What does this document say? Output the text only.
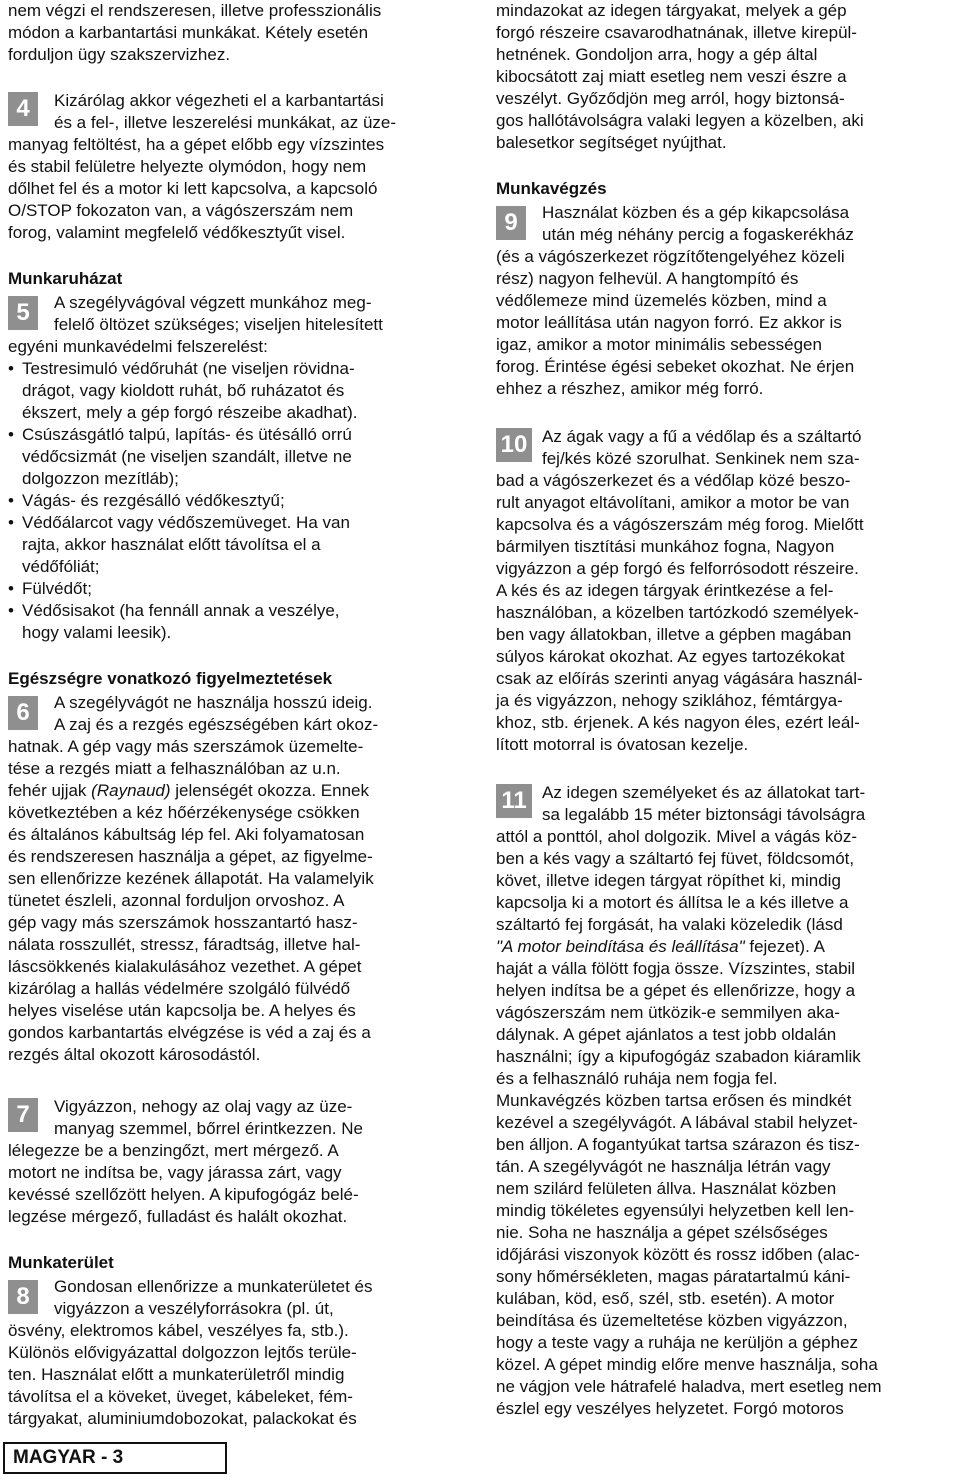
nem végzi el rendszeresen, illetve professzionális
módon a karbantartási munkákat. Kétely esetén
forduljon ügy szakszervizhez.
4	Kizárólag akkor végezheti el a karbantartási
és a fel-, illetve leszerelési munkákat, az üze-
manyag feltöltést, ha a gépet előbb egy vízszintes
és stabil felületre helyezte olymódon, hogy nem
dőlhet fel és a motor ki lett kapcsolva, a kapcsoló
O/STOP fokozaton van, a vágószerszám nem
forog, valamint megfelelő védőkesztyűt visel.
Munkaruházat
5	A szegélyvágóval végzett munkához meg-
felelő öltözet szükséges; viseljen hitelesített
egyéni munkavédelmi felszerelést:
• Testresimuló védőruhát (ne viseljen rövidna-
drágot, vagy kioldott ruhát, bő ruházatot és
ékszert, mely a gép forgó részeibe akadhat).
• Csúszásgátló talpú, lapítás- és ütésálló orrú
védőcsizmát (ne viseljen szandált, illetve ne
dolgozzon mezítláb);
• Vágás- és rezgésálló védőkesztyű;
• Védőálarcot vagy védőszemüveget. Ha van
rajta, akkor használat előtt távolítsa el a
védőfóliát;
• Fülvédőt;
• Védősisakot (ha fennáll annak a veszélye,
hogy valami leesik).
Egészségre vonatkozó figyelmeztetések
6	A szegélyvágót ne használja hosszú ideig.
A zaj és a rezgés egészségében kárt okoz-
hatnak. A gép vagy más szerszámok üzemelte-
tése a rezgés miatt a felhasználóban az u.n.
fehér ujjak (Raynaud) jelenségét okozza. Ennek
következtében a kéz hőérzékenysége csökken
és általános kábultság lép fel. Aki folyamatosan
és rendszeresen használja a gépet, az figyelme-
sen ellenőrizze kezének állapotát. Ha valamelyik
tünetet észleli, azonnal forduljon orvoshoz. A
gép vagy más szerszámok hosszantartó hasz-
nálata rosszullét, stressz, fáradtság, illetve hal-
láscsökkenés kialakulásához vezethet. A gépet
kizárólag a hallás védelmére szolgáló fülvédő
helyes viselése után kapcsolja be. A helyes és
gondos karbantartás elvégzése is véd a zaj és a
rezgés által okozott károsodástól.
7	Vigyázzon, nehogy az olaj vagy az üze-
manyag szemmel, bőrrel érintkezzen. Ne
lélegezze be a benzingőzt, mert mérgező. A
motort ne indítsa be, vagy járassa zárt, vagy
kevéssé szellőzött helyen. A kipufogógáz belé-
legzése mérgező, fulladást és halált okozhat.
Munkaterület
8	Gondosan ellenőrizze a munkaterületet és
vigyázzon a veszélyforrásokra (pl. út,
ösvény, elektromos kábel, veszélyes fa, stb.).
Különös elővigyázattal dolgozzon lejtős terüle-
ten. Használat előtt a munkaterületről mindig
távolítsa el a köveket, üveget, kábeleket, fém-
tárgyakat, aluminiumdobozokat, palackokat és
mindazokat az idegen tárgyakat, melyek a gép
forgó részeire csavarodhatnának, illetve kirepül-
hetnének. Gondoljon arra, hogy a gép által
kibocsátott zaj miatt esetleg nem veszi észre a
veszélyt. Győződjön meg arról, hogy biztonsá-
gos hallótávolságra valaki legyen a közelben, aki
balesetkor segítséget nyújthat.
Munkavégzés
9	Használat közben és a gép kikapcsolása
után még néhány percig a fogaskerékház
(és a vágószerkezet rögzítőtengelyéhez közeli
rész) nagyon felhevül. A hangtompító és
védőlemeze mind üzemelés közben, mind a
motor leállítása után nagyon forró. Ez akkor is
igaz, amikor a motor minimális sebességen
forog. Érintése égési sebeket okozhat. Ne érjen
ehhez a részhez, amikor még forró.
10 Az ágak vagy a fű a védőlap és a száltartó
fej/kés közé szorulhat. Senkinek nem sza-
bad a vágószerkezet és a védőlap közé beszo-
rult anyagot eltávolítani, amikor a motor be van
kapcsolva és a vágószerszám még forog. Mielőtt
bármilyen tisztítási munkához fogna, Nagyon
vigyázzon a gép forgó és felforrósodott részeire.
A kés és az idegen tárgyak érintkezése a fel-
használóban, a közelben tartózkodó személyek-
ben vagy állatokban, illetve a gépben magában
súlyos károkat okozhat. Az egyes tartozékokat
csak az előírás szerinti anyag vágására használ-
ja és vigyázzon, nehogy sziklához, fémtárgya-
khoz, stb. érjenek. A kés nagyon éles, ezért leál-
lított motorral is óvatosan kezelje.
11 Az idegen személyeket és az állatokat tart-
sa legalább 15 méter biztonsági távolságra
attól a ponttól, ahol dolgozik. Mivel a vágás köz-
ben a kés vagy a száltartó fej füvet, földcsomót,
követ, illetve idegen tárgyat röpíthet ki, mindig
kapcsolja ki a motort és állítsa le a kés illetve a
száltartó fej forgását, ha valaki közeledik (lásd
"A motor beindítása és leállítása" fejezet). A
haját a válla fölött fogja össze. Vízszintes, stabil
helyen indítsa be a gépet és ellenőrizze, hogy a
vágószerszám nem ütközik-e semmilyen aka-
dálynak. A gépet ajánlatos a test jobb oldalán
használni; így a kipufogógáz szabadon kiáramlik
és a felhasználó ruhája nem fogja fel.
Munkavégzés közben tartsa erősen és mindkét
kezével a szegélyvágót. A lábával stabil helyzet-
ben álljon. A fogantyúkat tartsa szárazon és tisz-
tán. A szegélyvágót ne használja létrán vagy
nem szilárd felületen állva. Használat közben
mindig tökéletes egyensúlyi helyzetben kell len-
nie. Soha ne használja a gépet szélsőséges
időjárási viszonyok között és rossz időben (alac-
sony hőmérsékleten, magas páratartalmú káni-
kulában, köd, eső, szél, stb. esetén). A motor
beindítása és üzemeltetése közben vigyázzon,
hogy a teste vagy a ruhája ne kerüljön a géphez
közel. A gépet mindig előre menve használja, soha
ne vágjon vele hátrafelé haladva, mert esetleg nem
észlel egy veszélyes helyzetet. Forgó motoros
MAGYAR - 3
